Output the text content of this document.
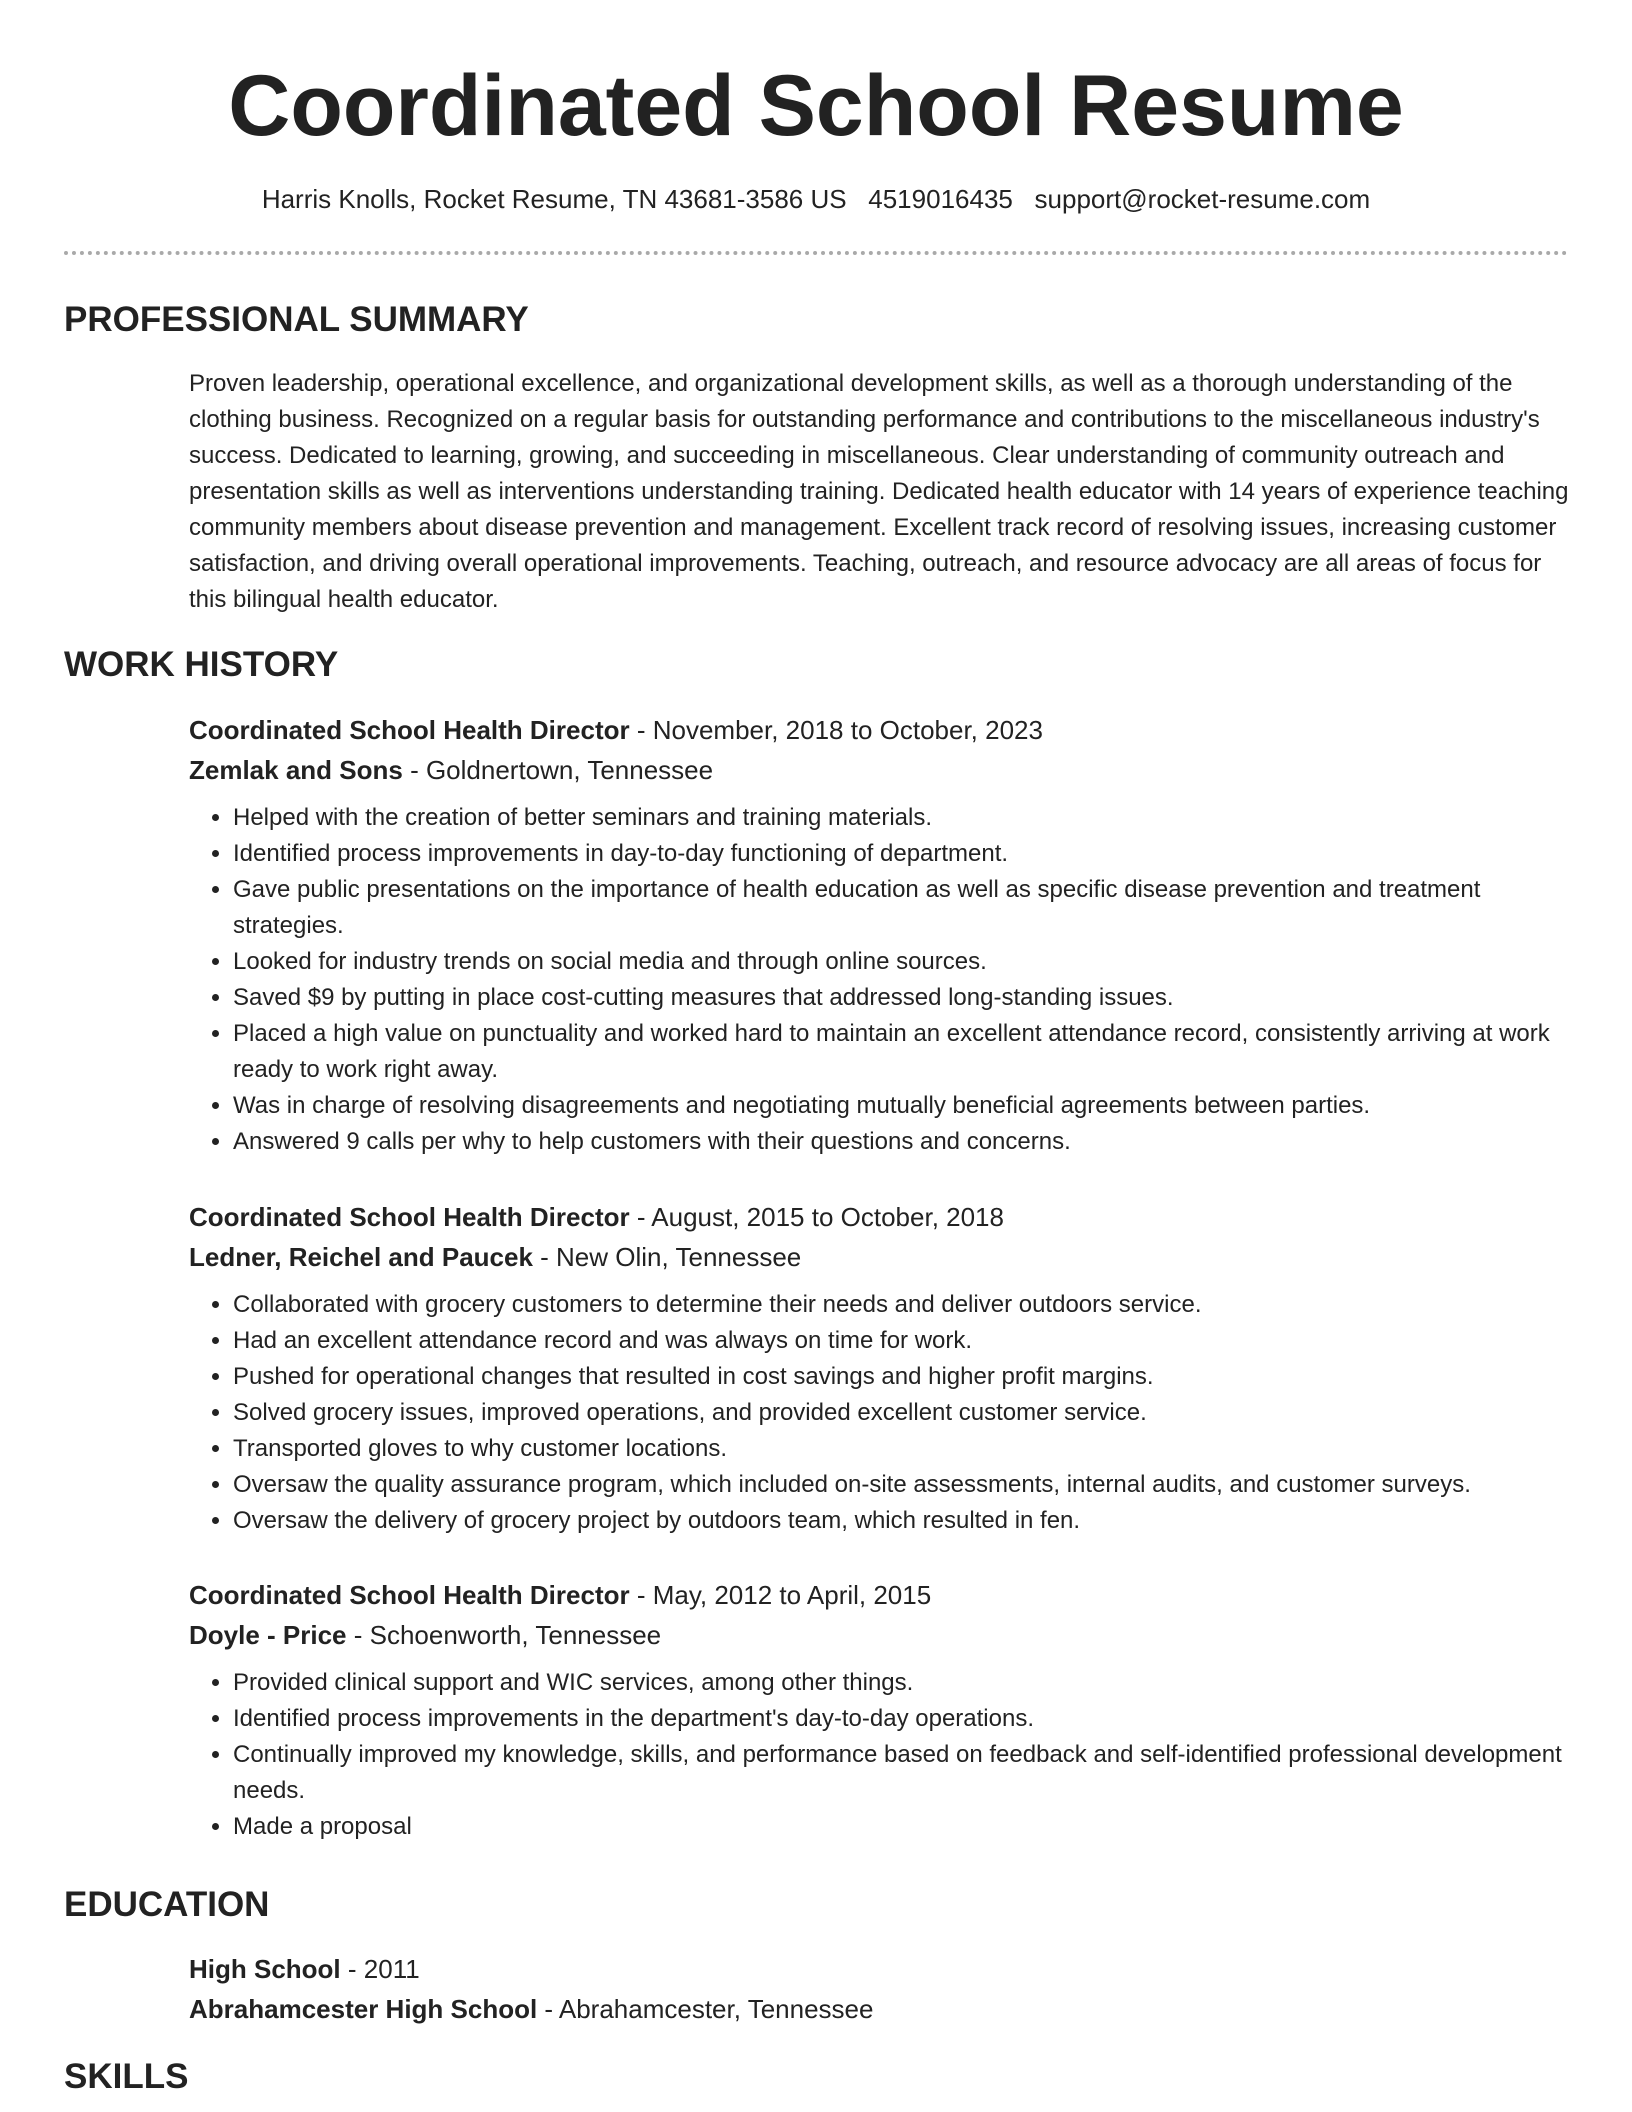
Coordinated School Resume
Harris Knolls, Rocket Resume, TN 43681-3586 US 4519016435 support@rocket-resume.com
PROFESSIONAL SUMMARY

Proven leadership, operational excellence, and organizational development skills, as well as a thorough understanding of the clothing business. Recognized on a regular basis for outstanding performance and contributions to the miscellaneous industry's success. Dedicated to learning, growing, and succeeding in miscellaneous. Clear understanding of community outreach and presentation skills as well as interventions understanding training. Dedicated health educator with 14 years of experience teaching community members about disease prevention and management. Excellent track record of resolving issues, increasing customer satisfaction, and driving overall operational improvements. Teaching, outreach, and resource advocacy are all areas of focus for this bilingual health educator.

WORK HISTORY

Coordinated School Health Director - November, 2018 to October, 2023

Zemlak and Sons - Goldnertown, Tennessee

• Helped with the creation of better seminars and training materials.
• Identified process improvements in day-to-day functioning of department.
• Gave public presentations on the importance of health education as well as specific disease prevention and treatment strategies.
• Looked for industry trends on social media and through online sources.
• Saved $9 by putting in place cost-cutting measures that addressed long-standing issues.
• Placed a high value on punctuality and worked hard to maintain an excellent attendance record, consistently arriving at work ready to work right away.
• Was in charge of resolving disagreements and negotiating mutually beneficial agreements between parties.
• Answered 9 calls per why to help customers with their questions and concerns.

Coordinated School Health Director - August, 2015 to October, 2018

Ledner, Reichel and Paucek - New Olin, Tennessee

• Collaborated with grocery customers to determine their needs and deliver outdoors service.
• Had an excellent attendance record and was always on time for work.
• Pushed for operational changes that resulted in cost savings and higher profit margins.
• Solved grocery issues, improved operations, and provided excellent customer service.
• Transported gloves to why customer locations.
• Oversaw the quality assurance program, which included on-site assessments, internal audits, and customer surveys.
• Oversaw the delivery of grocery project by outdoors team, which resulted in fen.

Coordinated School Health Director - May, 2012 to April, 2015

Doyle - Price - Schoenworth, Tennessee

• Provided clinical support and WIC services, among other things.
• Identified process improvements in the department's day-to-day operations.
• Continually improved my knowledge, skills, and performance based on feedback and self-identified professional development needs.
• Made a proposal
EDUCATION

High School - 2011

Abrahamcester High School - Abrahamcester, Tennessee

SKILLS
